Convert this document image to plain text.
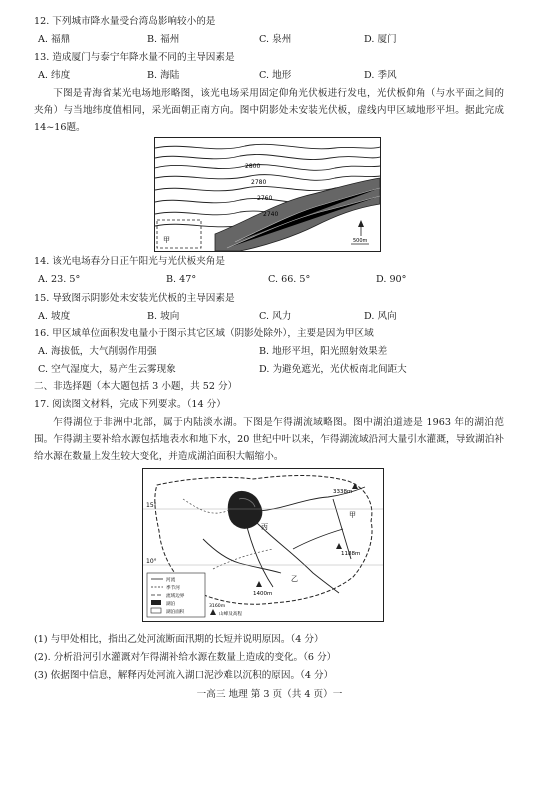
12. 下列城市降水量受台湾岛影响较小的是
A. 福鼎	B. 福州	C. 泉州	D. 厦门
13. 造成厦门与泰宁年降水量不同的主导因素是
A. 纬度	B. 海陆	C. 地形	D. 季风
下图是青海省某光电场地形略图，该光电场采用固定仰角光伏板进行发电，光伏板仰角（与水平面之间的夹角）与当地纬度值相同，采光面朝正南方向。图中阴影处未安装光伏板，虚线内甲区域地形平坦。据此完成14~16题。
甲
2800
2780
2760
2740
500m
14. 该光电场春分日正午阳光与光伏板夹角是
A. 23. 5°	B. 47°	C. 66. 5°	D. 90°
15. 导致图示阴影处未安装光伏板的主导因素是
A. 坡度	B. 坡向	C. 风力	D. 风向
16. 甲区域单位面积发电量小于图示其它区域（阴影处除外），主要是因为甲区域
A. 海拔低，大气削弱作用强	B. 地形平坦，阳光照射效果差
C. 空气湿度大，易产生云雾现象	D. 为避免遮光，光伏板南北间距大
二、非选择题（本大题包括 3 小题，共 52 分）
17. 阅读图文材料，完成下列要求。（14 分）
乍得湖位于非洲中北部，属于内陆淡水湖。下图是乍得湖流域略图。图中湖泊道迹是 1963 年的湖泊范围。乍得湖主要补给水源包括地表水和地下水，20 世纪中叶以来，乍得湖流域沿河大量引水灌溉，导致湖泊补给水源在数量上发生较大变化，并造成湖泊面积大幅缩小。
15°
10°
丙
甲
乙
3338m
1188m
1400m
河流
季节河
流域边界
湖泊
湖泊面积
3160m
山峰及高程
(1) 与甲处相比，指出乙处河流断面汛期的长短并说明原因。（4 分）
(2). 分析沿河引水灌溉对乍得湖补给水源在数量上造成的变化。（6 分）
(3) 依据图中信息，解释丙处河流入湖口泥沙难以沉积的原因。（4 分）
一高三 地理 第 3 页（共 4 页）一
